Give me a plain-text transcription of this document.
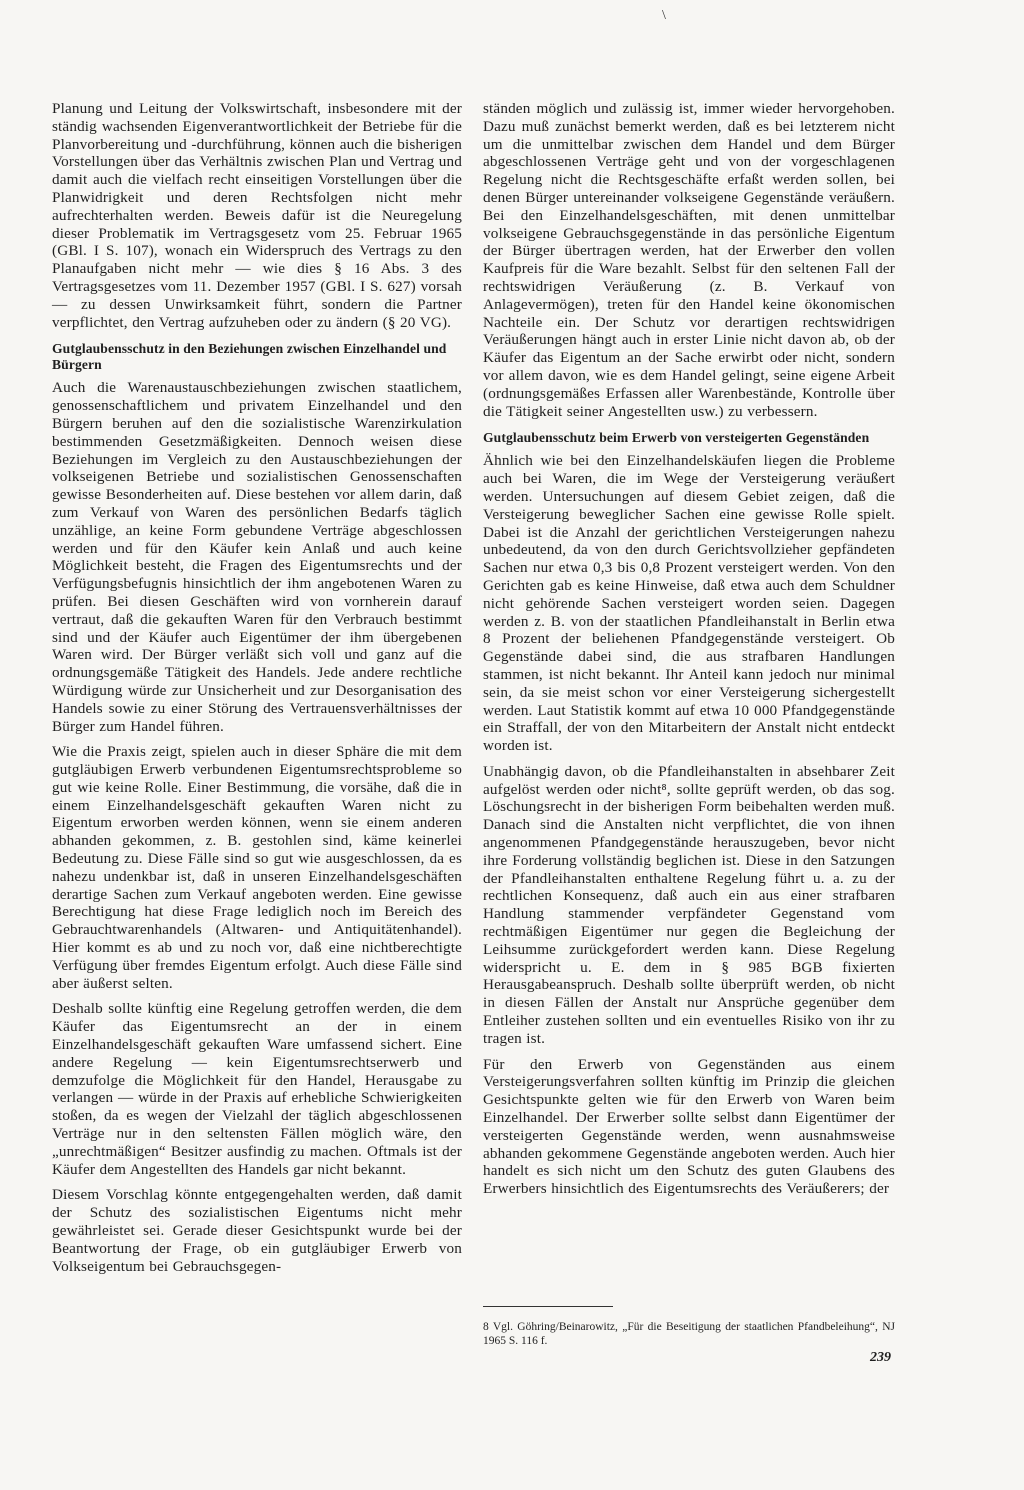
\

Planung und Leitung der Volkswirtschaft, insbesondere mit der ständig wachsenden Eigenverantwortlichkeit der Betriebe für die Planvorbereitung und -durchführung, können auch die bisherigen Vorstellungen über das Verhältnis zwischen Plan und Vertrag und damit auch die vielfach recht einseitigen Vorstellungen über die Planwidrigkeit und deren Rechtsfolgen nicht mehr aufrechterhalten werden. Beweis dafür ist die Neuregelung dieser Problematik im Vertragsgesetz vom 25. Februar 1965 (GBl. I S. 107), wonach ein Widerspruch des Vertrags zu den Planaufgaben nicht mehr — wie dies § 16 Abs. 3 des Vertragsgesetzes vom 11. Dezember 1957 (GBl. I S. 627) vorsah — zu dessen Unwirksamkeit führt, sondern die Partner verpflichtet, den Vertrag aufzuheben oder zu ändern (§ 20 VG).

Gutglaubensschutz in den Beziehungen zwischen Einzelhandel und Bürgern

Auch die Warenaustauschbeziehungen zwischen staatlichem, genossenschaftlichem und privatem Einzelhandel und den Bürgern beruhen auf den die sozialistische Warenzirkulation bestimmenden Gesetzmäßigkeiten. Dennoch weisen diese Beziehungen im Vergleich zu den Austauschbeziehungen der volkseigenen Betriebe und sozialistischen Genossenschaften gewisse Besonderheiten auf. Diese bestehen vor allem darin, daß zum Verkauf von Waren des persönlichen Bedarfs täglich unzählige, an keine Form gebundene Verträge abgeschlossen werden und für den Käufer kein Anlaß und auch keine Möglichkeit besteht, die Fragen des Eigentumsrechts und der Verfügungsbefugnis hinsichtlich der ihm angebotenen Waren zu prüfen. Bei diesen Geschäften wird von vornherein darauf vertraut, daß die gekauften Waren für den Verbrauch bestimmt sind und der Käufer auch Eigentümer der ihm übergebenen Waren wird. Der Bürger verläßt sich voll und ganz auf die ordnungsgemäße Tätigkeit des Handels. Jede andere rechtliche Würdigung würde zur Unsicherheit und zur Desorganisation des Handels sowie zu einer Störung des Vertrauensverhältnisses der Bürger zum Handel führen.

Wie die Praxis zeigt, spielen auch in dieser Sphäre die mit dem gutgläubigen Erwerb verbundenen Eigentumsrechtsprobleme so gut wie keine Rolle. Einer Bestimmung, die vorsähe, daß die in einem Einzelhandelsgeschäft gekauften Waren nicht zu Eigentum erworben werden können, wenn sie einem anderen abhanden gekommen, z. B. gestohlen sind, käme keinerlei Bedeutung zu. Diese Fälle sind so gut wie ausgeschlossen, da es nahezu undenkbar ist, daß in unseren Einzelhandelsgeschäften derartige Sachen zum Verkauf angeboten werden. Eine gewisse Berechtigung hat diese Frage lediglich noch im Bereich des Gebrauchtwarenhandels (Altwaren- und Antiquitätenhandel). Hier kommt es ab und zu noch vor, daß eine nichtberechtigte Verfügung über fremdes Eigentum erfolgt. Auch diese Fälle sind aber äußerst selten.

Deshalb sollte künftig eine Regelung getroffen werden, die dem Käufer das Eigentumsrecht an der in einem Einzelhandelsgeschäft gekauften Ware umfassend sichert. Eine andere Regelung — kein Eigentumsrechtserwerb und demzufolge die Möglichkeit für den Handel, Herausgabe zu verlangen — würde in der Praxis auf erhebliche Schwierigkeiten stoßen, da es wegen der Vielzahl der täglich abgeschlossenen Verträge nur in den seltensten Fällen möglich wäre, den „unrechtmäßigen“ Besitzer ausfindig zu machen. Oftmals ist der Käufer dem Angestellten des Handels gar nicht bekannt.

Diesem Vorschlag könnte entgegengehalten werden, daß damit der Schutz des sozialistischen Eigentums nicht mehr gewährleistet sei. Gerade dieser Gesichtspunkt wurde bei der Beantwortung der Frage, ob ein gutgläubiger Erwerb von Volkseigentum bei Gebrauchsgegen-

ständen möglich und zulässig ist, immer wieder hervorgehoben. Dazu muß zunächst bemerkt werden, daß es bei letzterem nicht um die unmittelbar zwischen dem Handel und dem Bürger abgeschlossenen Verträge geht und von der vorgeschlagenen Regelung nicht die Rechtsgeschäfte erfaßt werden sollen, bei denen Bürger untereinander volkseigene Gegenstände veräußern. Bei den Einzelhandelsgeschäften, mit denen unmittelbar volkseigene Gebrauchsgegenstände in das persönliche Eigentum der Bürger übertragen werden, hat der Erwerber den vollen Kaufpreis für die Ware bezahlt. Selbst für den seltenen Fall der rechtswidrigen Veräußerung (z. B. Verkauf von Anlagevermögen), treten für den Handel keine ökonomischen Nachteile ein. Der Schutz vor derartigen rechtswidrigen Veräußerungen hängt auch in erster Linie nicht davon ab, ob der Käufer das Eigentum an der Sache erwirbt oder nicht, sondern vor allem davon, wie es dem Handel gelingt, seine eigene Arbeit (ordnungsgemäßes Erfassen aller Warenbestände, Kontrolle über die Tätigkeit seiner Angestellten usw.) zu verbessern.

Gutglaubensschutz beim Erwerb von versteigerten Gegenständen

Ähnlich wie bei den Einzelhandelskäufen liegen die Probleme auch bei Waren, die im Wege der Versteigerung veräußert werden. Untersuchungen auf diesem Gebiet zeigen, daß die Versteigerung beweglicher Sachen eine gewisse Rolle spielt. Dabei ist die Anzahl der gerichtlichen Versteigerungen nahezu unbedeutend, da von den durch Gerichtsvollzieher gepfändeten Sachen nur etwa 0,3 bis 0,8 Prozent versteigert werden. Von den Gerichten gab es keine Hinweise, daß etwa auch dem Schuldner nicht gehörende Sachen versteigert worden seien. Dagegen werden z. B. von der staatlichen Pfandleihanstalt in Berlin etwa 8 Prozent der beliehenen Pfandgegenstände versteigert. Ob Gegenstände dabei sind, die aus strafbaren Handlungen stammen, ist nicht bekannt. Ihr Anteil kann jedoch nur minimal sein, da sie meist schon vor einer Versteigerung sichergestellt werden. Laut Statistik kommt auf etwa 10 000 Pfandgegenstände ein Straffall, der von den Mitarbeitern der Anstalt nicht entdeckt worden ist.

Unabhängig davon, ob die Pfandleihanstalten in absehbarer Zeit aufgelöst werden oder nicht⁸, sollte geprüft werden, ob das sog. Löschungsrecht in der bisherigen Form beibehalten werden muß. Danach sind die Anstalten nicht verpflichtet, die von ihnen angenommenen Pfandgegenstände herauszugeben, bevor nicht ihre Forderung vollständig beglichen ist. Diese in den Satzungen der Pfandleihanstalten enthaltene Regelung führt u. a. zu der rechtlichen Konsequenz, daß auch ein aus einer strafbaren Handlung stammender verpfändeter Gegenstand vom rechtmäßigen Eigentümer nur gegen die Begleichung der Leihsumme zurückgefordert werden kann. Diese Regelung widerspricht u. E. dem in § 985 BGB fixierten Herausgabeanspruch. Deshalb sollte überprüft werden, ob nicht in diesen Fällen der Anstalt nur Ansprüche gegenüber dem Entleiher zustehen sollten und ein eventuelles Risiko von ihr zu tragen ist.

Für den Erwerb von Gegenständen aus einem Versteigerungsverfahren sollten künftig im Prinzip die gleichen Gesichtspunkte gelten wie für den Erwerb von Waren beim Einzelhandel. Der Erwerber sollte selbst dann Eigentümer der versteigerten Gegenstände werden, wenn ausnahmsweise abhanden gekommene Gegenstände angeboten werden. Auch hier handelt es sich nicht um den Schutz des guten Glaubens des Erwerbers hinsichtlich des Eigentumsrechts des Veräußerers; der

8 Vgl. Göhring/Beinarowitz, „Für die Beseitigung der staatlichen Pfandbeleihung“, NJ 1965 S. 116 f.
239
